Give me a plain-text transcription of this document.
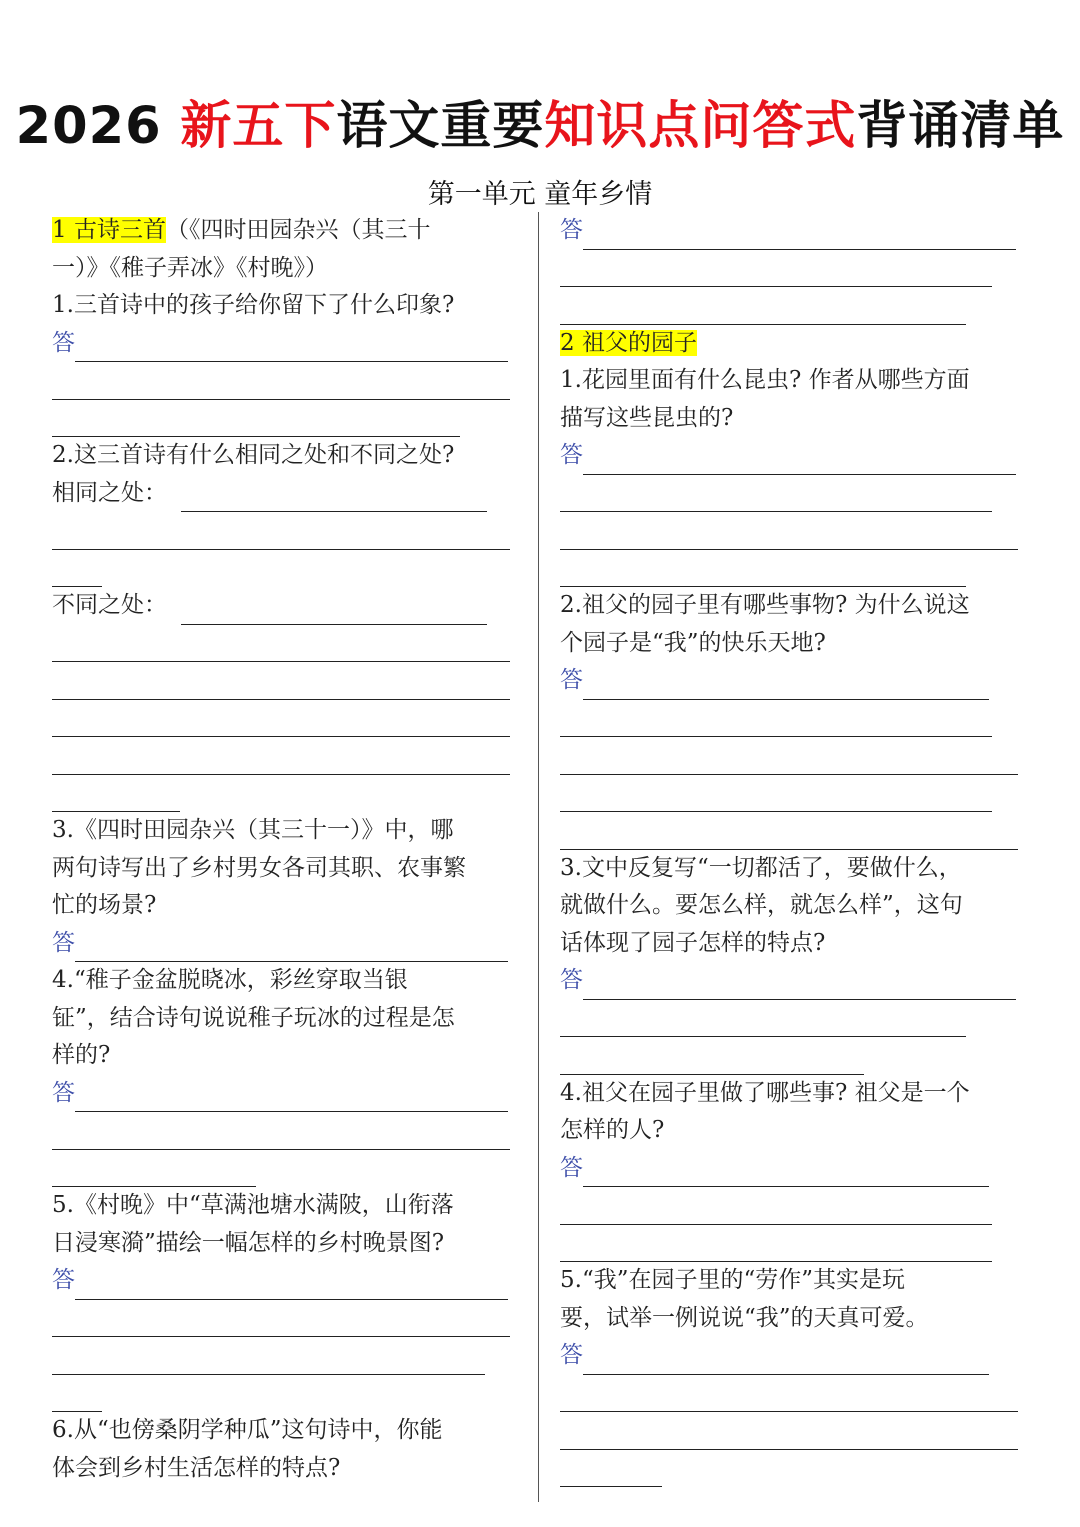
2026 新五下语文重要知识点问答式背诵清单
第一单元 童年乡情
1 古诗三首（《四时田园杂兴（其三十
一）》《稚子弄冰》《村晚》）
1.三首诗中的孩子给你留下了什么印象?
答
2.这三首诗有什么相同之处和不同之处?
相同之处：
不同之处：
3.《四时田园杂兴（其三十一）》中，哪
两句诗写出了乡村男女各司其职、农事繁
忙的场景?
答
4.“稚子金盆脱晓冰，彩丝穿取当银
钲”，结合诗句说说稚子玩冰的过程是怎
样的?
答
5.《村晚》中“草满池塘水满陂，山衔落
日浸寒漪”描绘一幅怎样的乡村晚景图?
答
6.从“也傍桑阴学种瓜”这句诗中，你能
体会到乡村生活怎样的特点?
答
2 祖父的园子
1.花园里面有什么昆虫? 作者从哪些方面
描写这些昆虫的?
答
2.祖父的园子里有哪些事物? 为什么说这
个园子是“我”的快乐天地?
答
3.文中反复写“一切都活了，要做什么，
就做什么。要怎么样，就怎么样”，这句
话体现了园子怎样的特点?
答
4.祖父在园子里做了哪些事? 祖父是一个
怎样的人?
答
5.“我”在园子里的“劳作”其实是玩
要，试举一例说说“我”的天真可爱。
答
